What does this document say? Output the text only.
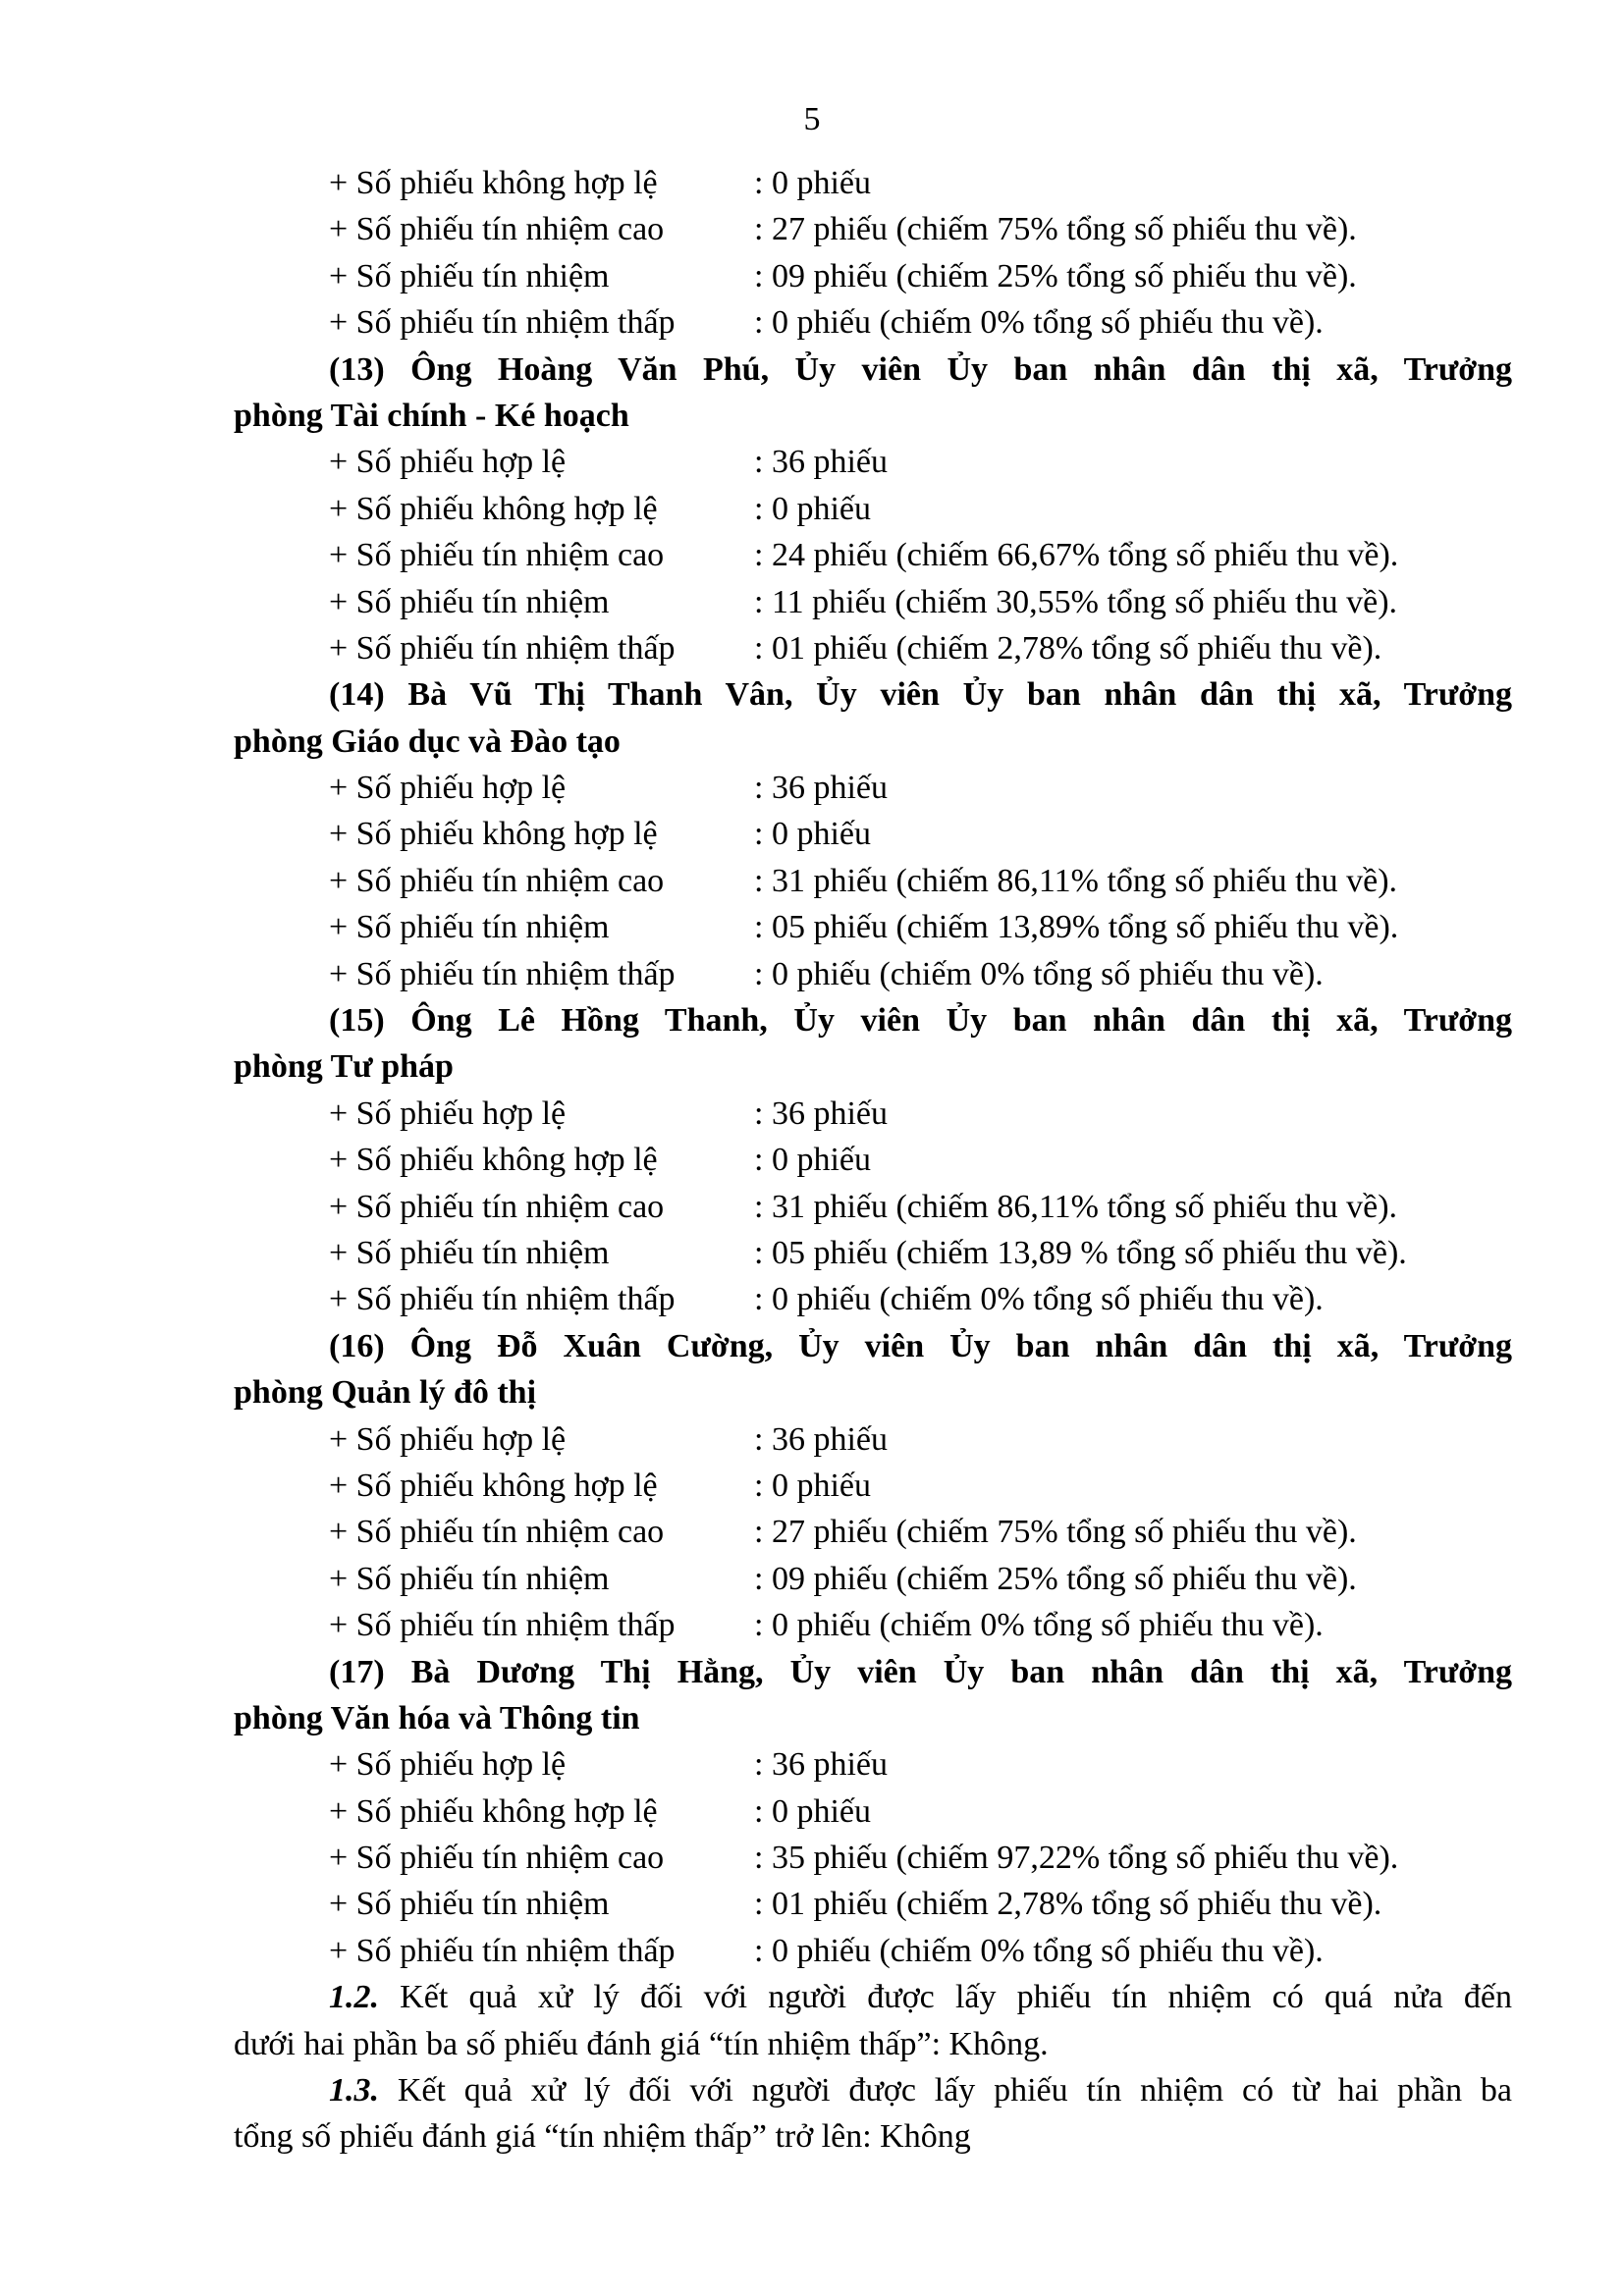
5
+ Số phiếu không hợp lệ	: 0 phiếu
+ Số phiếu tín nhiệm cao	: 27 phiếu (chiếm 75% tổng số phiếu thu về).
+ Số phiếu tín nhiệm	: 09 phiếu (chiếm 25% tổng số phiếu thu về).
+ Số phiếu tín nhiệm thấp : 0 phiếu (chiếm 0% tổng số phiếu thu về).
(13) Ông Hoàng Văn Phú, Ủy viên Ủy ban nhân dân thị xã, Trưởng
phòng Tài chính - Ké hoạch
+ Số phiếu hợp lệ	: 36 phiếu
+ Số phiếu không hợp lệ	: 0 phiếu
+ Số phiếu tín nhiệm cao	: 24 phiếu (chiếm 66,67% tổng số phiếu thu về).
+ Số phiếu tín nhiệm	: 11 phiếu (chiếm 30,55% tổng số phiếu thu về).
+ Số phiếu tín nhiệm thấp : 01 phiếu (chiếm 2,78% tổng số phiếu thu về).
(14) Bà Vũ Thị Thanh Vân, Ủy viên Ủy ban nhân dân thị xã, Trưởng
phòng Giáo dục và Đào tạo
+ Số phiếu hợp lệ	: 36 phiếu
+ Số phiếu không hợp lệ	: 0 phiếu
+ Số phiếu tín nhiệm cao	: 31 phiếu (chiếm 86,11% tổng số phiếu thu về).
+ Số phiếu tín nhiệm	: 05 phiếu (chiếm 13,89% tổng số phiếu thu về).
+ Số phiếu tín nhiệm thấp : 0 phiếu (chiếm 0% tổng số phiếu thu về).
(15) Ông Lê Hồng Thanh, Ủy viên Ủy ban nhân dân thị xã, Trưởng
phòng Tư pháp
+ Số phiếu hợp lệ	: 36 phiếu
+ Số phiếu không hợp lệ	: 0 phiếu
+ Số phiếu tín nhiệm cao	: 31 phiếu (chiếm 86,11% tổng số phiếu thu về).
+ Số phiếu tín nhiệm	: 05 phiếu (chiếm 13,89 % tổng số phiếu thu về).
+ Số phiếu tín nhiệm thấp : 0 phiếu (chiếm 0% tổng số phiếu thu về).
(16) Ông Đỗ Xuân Cường, Ủy viên Ủy ban nhân dân thị xã, Trưởng
phòng Quản lý đô thị
+ Số phiếu hợp lệ	: 36 phiếu
+ Số phiếu không hợp lệ	: 0 phiếu
+ Số phiếu tín nhiệm cao	: 27 phiếu (chiếm 75% tổng số phiếu thu về).
+ Số phiếu tín nhiệm	: 09 phiếu (chiếm 25% tổng số phiếu thu về).
+ Số phiếu tín nhiệm thấp : 0 phiếu (chiếm 0% tổng số phiếu thu về).
(17) Bà Dương Thị Hằng, Ủy viên Ủy ban nhân dân thị xã, Trưởng
phòng Văn hóa và Thông tin
+ Số phiếu hợp lệ	: 36 phiếu
+ Số phiếu không hợp lệ	: 0 phiếu
+ Số phiếu tín nhiệm cao	: 35 phiếu (chiếm 97,22% tổng số phiếu thu về).
+ Số phiếu tín nhiệm	: 01 phiếu (chiếm 2,78% tổng số phiếu thu về).
+ Số phiếu tín nhiệm thấp : 0 phiếu (chiếm 0% tổng số phiếu thu về).
1.2. Kết quả xử lý đối với người được lấy phiếu tín nhiệm có quá nửa đến
dưới hai phần ba số phiếu đánh giá “tín nhiệm thấp”: Không.
1.3. Kết quả xử lý đối với người được lấy phiếu tín nhiệm có từ hai phần ba
tổng số phiếu đánh giá “tín nhiệm thấp” trở lên: Không
